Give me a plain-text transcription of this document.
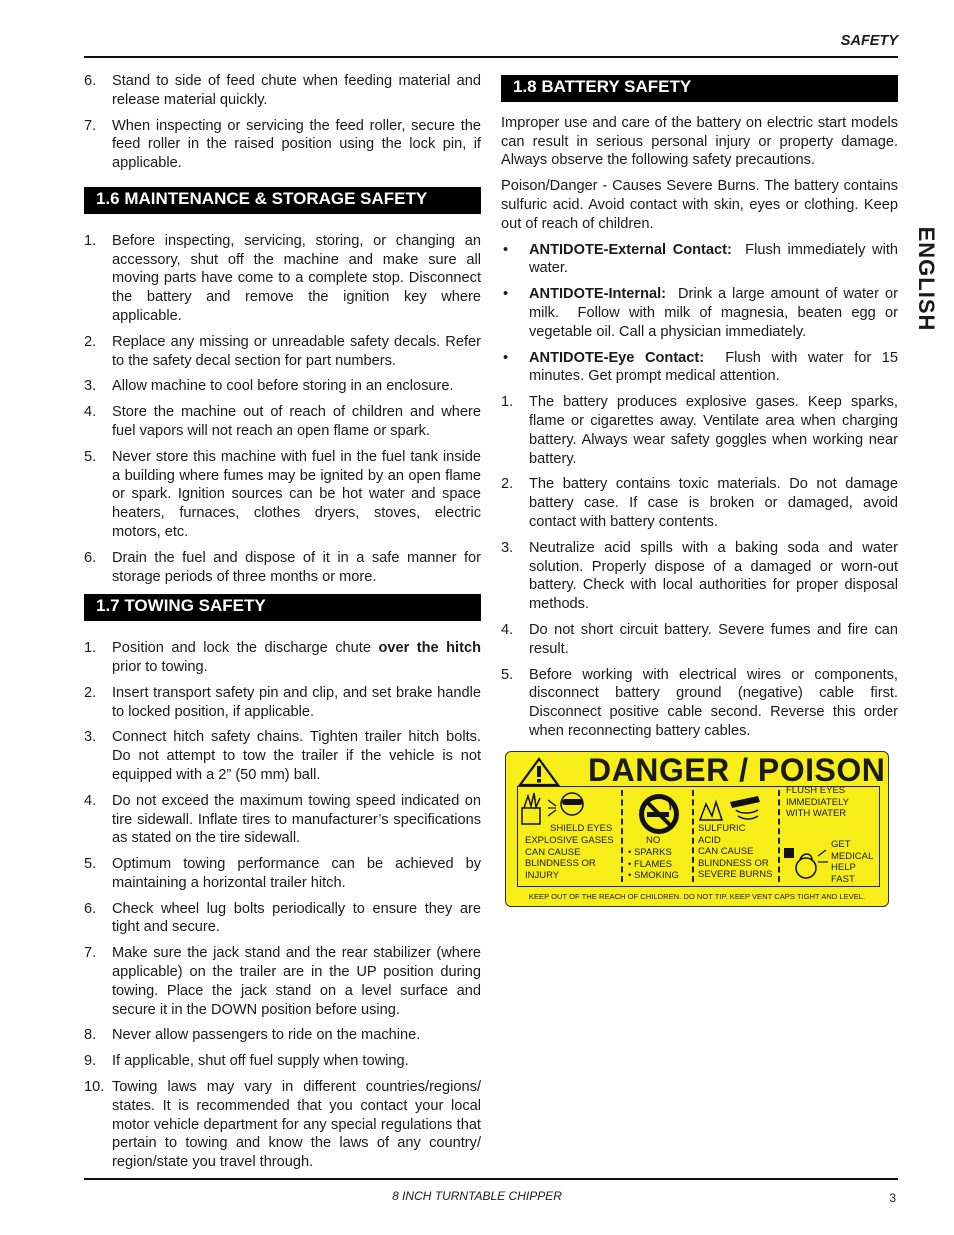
SAFETY
ENGLISH
6.	Stand to side of feed chute when feeding material and release material quickly.
7.	When inspecting or servicing the feed roller, secure the feed roller in the raised position using the lock pin, if applicable.
1.6 MAINTENANCE & STORAGE SAFETY
1.	Before inspecting, servicing, storing, or changing an accessory, shut off the machine and make sure all moving parts have come to a complete stop. Disconnect the battery and remove the ignition key where applicable.
2.	Replace any missing or unreadable safety decals. Refer to the safety decal section for part numbers.
3.	Allow machine to cool before storing in an enclosure.
4.	Store the machine out of reach of children and where fuel vapors will not reach an open flame or spark.
5.	Never store this machine with fuel in the fuel tank inside a building where fumes may be ignited by an open flame or spark. Ignition sources can be hot water and space heaters, furnaces, clothes dryers, stoves, electric motors, etc.
6.	Drain the fuel and dispose of it in a safe manner for storage periods of three months or more.
1.7 TOWING SAFETY
1.	Position and lock the discharge chute over the hitch prior to towing.
2.	Insert transport safety pin and clip, and set brake handle to locked position, if applicable.
3.	Connect hitch safety chains. Tighten trailer hitch bolts. Do not attempt to tow the trailer if the vehicle is not equipped with a 2” (50 mm) ball.
4.	Do not exceed the maximum towing speed indicated on tire sidewall. Inflate tires to manufacturer’s specifications as stated on the tire sidewall.
5.	Optimum towing performance can be achieved by maintaining a horizontal trailer hitch.
6.	Check wheel lug bolts periodically to ensure they are tight and secure.
7.	Make sure the jack stand and the rear stabilizer (where applicable) on the trailer are in the UP position during towing. Place the jack stand on a level surface and secure it in the DOWN position before using.
8.	Never allow passengers to ride on the machine.
9.	If applicable, shut off fuel supply when towing.
10. Towing laws may vary in different countries/regions/ states. It is recommended that you contact your local motor vehicle department for any special regulations that pertain to towing and know the laws of any country/ region/state you travel through.
1.8 BATTERY SAFETY

Improper use and care of the battery on electric start models can result in serious personal injury or property damage. Always observe the following safety precautions.

Poison/Danger - Causes Severe Burns. The battery contains sulfuric acid. Avoid contact with skin, eyes or clothing. Keep out of reach of children.

•	ANTIDOTE-External Contact:  Flush immediately with water.
•	ANTIDOTE-Internal:  Drink a large amount of water or milk.  Follow with milk of magnesia, beaten egg or vegetable oil. Call a physician immediately.
•	ANTIDOTE-Eye Contact:  Flush with water for 15 minutes. Get prompt medical attention.
1.	The battery produces explosive gases. Keep sparks, flame or cigarettes away. Ventilate area when charging battery. Always wear safety goggles when working near battery.
2.	The battery contains toxic materials. Do not damage battery case. If case is broken or damaged, avoid contact with battery contents.
3.	Neutralize acid spills with a baking soda and water solution. Properly dispose of a damaged or worn-out battery. Check with local authorities for proper disposal methods.
4.	Do not short circuit battery. Severe fumes and fire can result.
5.	Before working with electrical wires or components, disconnect battery ground (negative) cable first. Disconnect positive cable second. Reverse this order when reconnecting battery cables.
DANGER / POISON
SHIELD EYES
EXPLOSIVE GASES
CAN CAUSE
BLINDNESS OR
INJURY
NO
• SPARKS
• FLAMES
• SMOKING
SULFURIC
ACID
CAN CAUSE
BLINDNESS OR
SEVERE BURNS
FLUSH EYES
IMMEDIATELY
WITH WATER
GET
MEDICAL
HELP
FAST
KEEP OUT OF THE REACH OF CHILDREN. DO NOT TIP. KEEP VENT CAPS TIGHT AND LEVEL.
8 INCH TURNTABLE CHIPPER	3
